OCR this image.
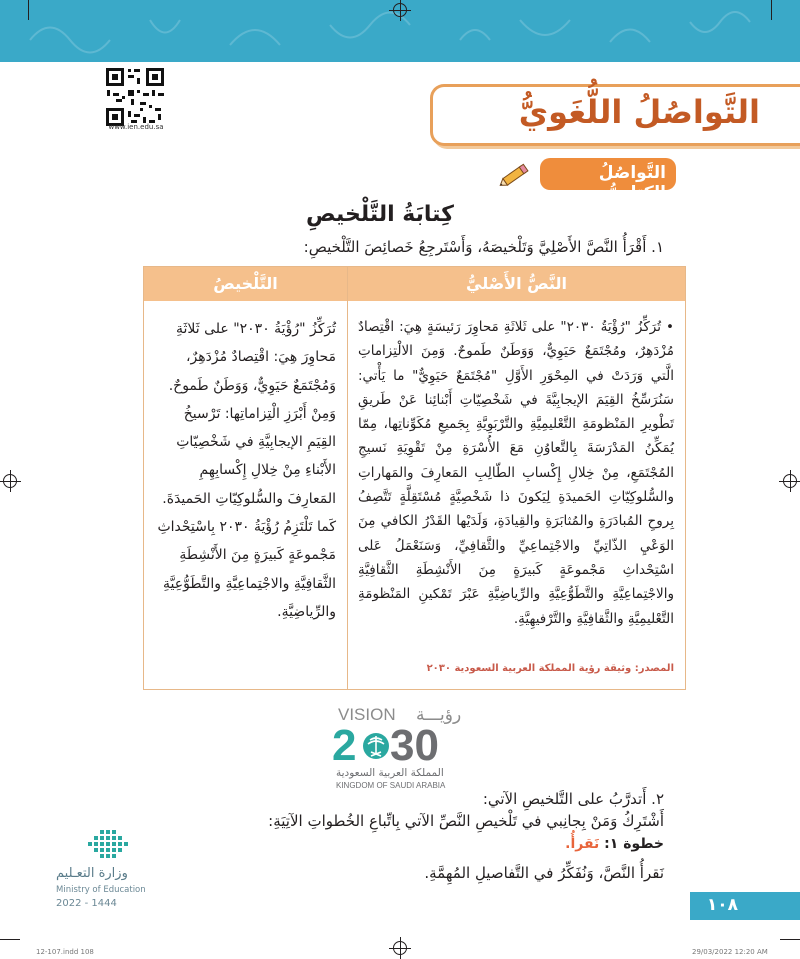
www.ien.edu.sa	التَّواصُلُ اللُّغَويُّ
التَّواصُلُ الكِتابيُّ
كِتابَةُ التَّلْخيصِ
١. أَقْرَأُ النَّصَّ الأَصْلِيَّ وَتَلْخيصَهُ، وَأَسْتَرجِعُ خَصائِصَ التَّلْخيصِ:
التَّلْخيصُ	النَّصُّ الأَصْليُّ
• تُرَكِّزُ "رُؤْيَةُ ٢٠٣٠" على ثَلاثَةِ مَحاوِرَ رَئيسَةٍ هِيَ: اقْتِصادٌ مُزْدَهِرٌ، ومُجْتَمَعٌ حَيَوِيٌّ، وَوَطَنٌ طَموحٌ. وَمِنَ الالْتِزاماتِ الَّتي وَرَدَتْ في المِحْوَرِ الأَوَّلِ "مُجْتَمَعٌ حَيَوِيٌّ" ما يَأْتي: سَنُرَسِّخُ القِيَمَ الإيجابِيَّةَ في شَخْصِيّاتِ أَبْنائِنا عَنْ طَريقِ تَطْويرِ المَنْظومَةِ التَّعْليمِيَّةِ والتَّرْبَوِيَّةِ بِجَميعِ مُكَوِّناتِها، مِمّا يُمَكِّنُ المَدْرَسَةَ بِالتَّعاوُنِ مَعَ الأُسْرَةِ مِنْ تَقْوِيَةِ نَسيجِ المُجْتَمَعِ، مِنْ خِلالِ إِكْسابِ الطّالِبِ المَعارِفَ والمَهاراتِ والسُّلوكِيّاتِ الحَميدَةِ لِيَكونَ ذا شَخْصِيَّةٍ مُسْتَقِلَّةٍ تَتَّصِفُ بِروحِ المُبادَرَةِ والمُثابَرَةِ والقِيادَةِ، وَلَدَيْها القَدْرُ الكافي مِنَ الوَعْيِ الذّاتِيِّ والاجْتِماعِيِّ والثَّقافِيِّ، وَسَنَعْمَلُ عَلى اسْتِحْداثِ مَجْموعَةٍ كَبيرَةٍ مِنَ الأَنْشِطَةِ الثَّقافِيَّةِ والاجْتِماعِيَّةِ والتَّطَوُّعِيَّةِ والرِّياضِيَّةِ عَبْرَ تَمْكينِ المَنْظومَةِ التَّعْليمِيَّةِ والثَّقافِيَّةِ والتَّرْفيهِيَّةِ.
المصدر: وثيقة رؤية المملكة العربية السعودية ٢٠٣٠
تُرَكِّزُ "رُؤْيَةُ ٢٠٣٠" على ثَلاثَةِ مَحاوِرَ هِيَ: اقْتِصادٌ مُزْدَهِرٌ، وَمُجْتَمَعٌ حَيَوِيٌّ، وَوَطَنٌ طَموحٌ. وَمِنْ أَبْرَزِ الْتِزاماتِها: تَرْسيخُ القِيَمِ الإيجابِيَّةِ في شَخْصِيّاتِ الأَبْناءِ مِنْ خِلالِ إِكْسابِهِمِ المَعارِفَ والسُّلوكِيّاتِ الحَميدَةَ. كَما تَلْتَزِمُ رُؤْيَةُ ٢٠٣٠ بِاسْتِحْداثِ مَجْموعَةٍ كَبيرَةٍ مِنَ الأَنْشِطَةِ الثَّقافِيَّةِ والاجْتِماعِيَّةِ والتَّطَوُّعِيَّةِ والرِّياضِيَّةِ.
VISION رؤيـــة
2 30
المملكة العربية السعودية
KINGDOM OF SAUDI ARABIA
٢. أَتدرَّبُ على التَّلخيصِ الآتي:
أَشْتَرِكُ وَمَنْ بِجانِبي في تَلْخيصِ النَّصِّ الآتي بِاتِّباعِ الخُطواتِ الآتِيَةِ:
خطوة ١: نَقرأُ.
نَقرأُ النَّصَّ، وَنُفَكِّرُ في التَّفاصيلِ المُهِمَّةِ.
وزارة التعـليم
Ministry of Education
2022 - 1444	١٠٨
12-107.indd 108	29/03/2022 12:20 AM
